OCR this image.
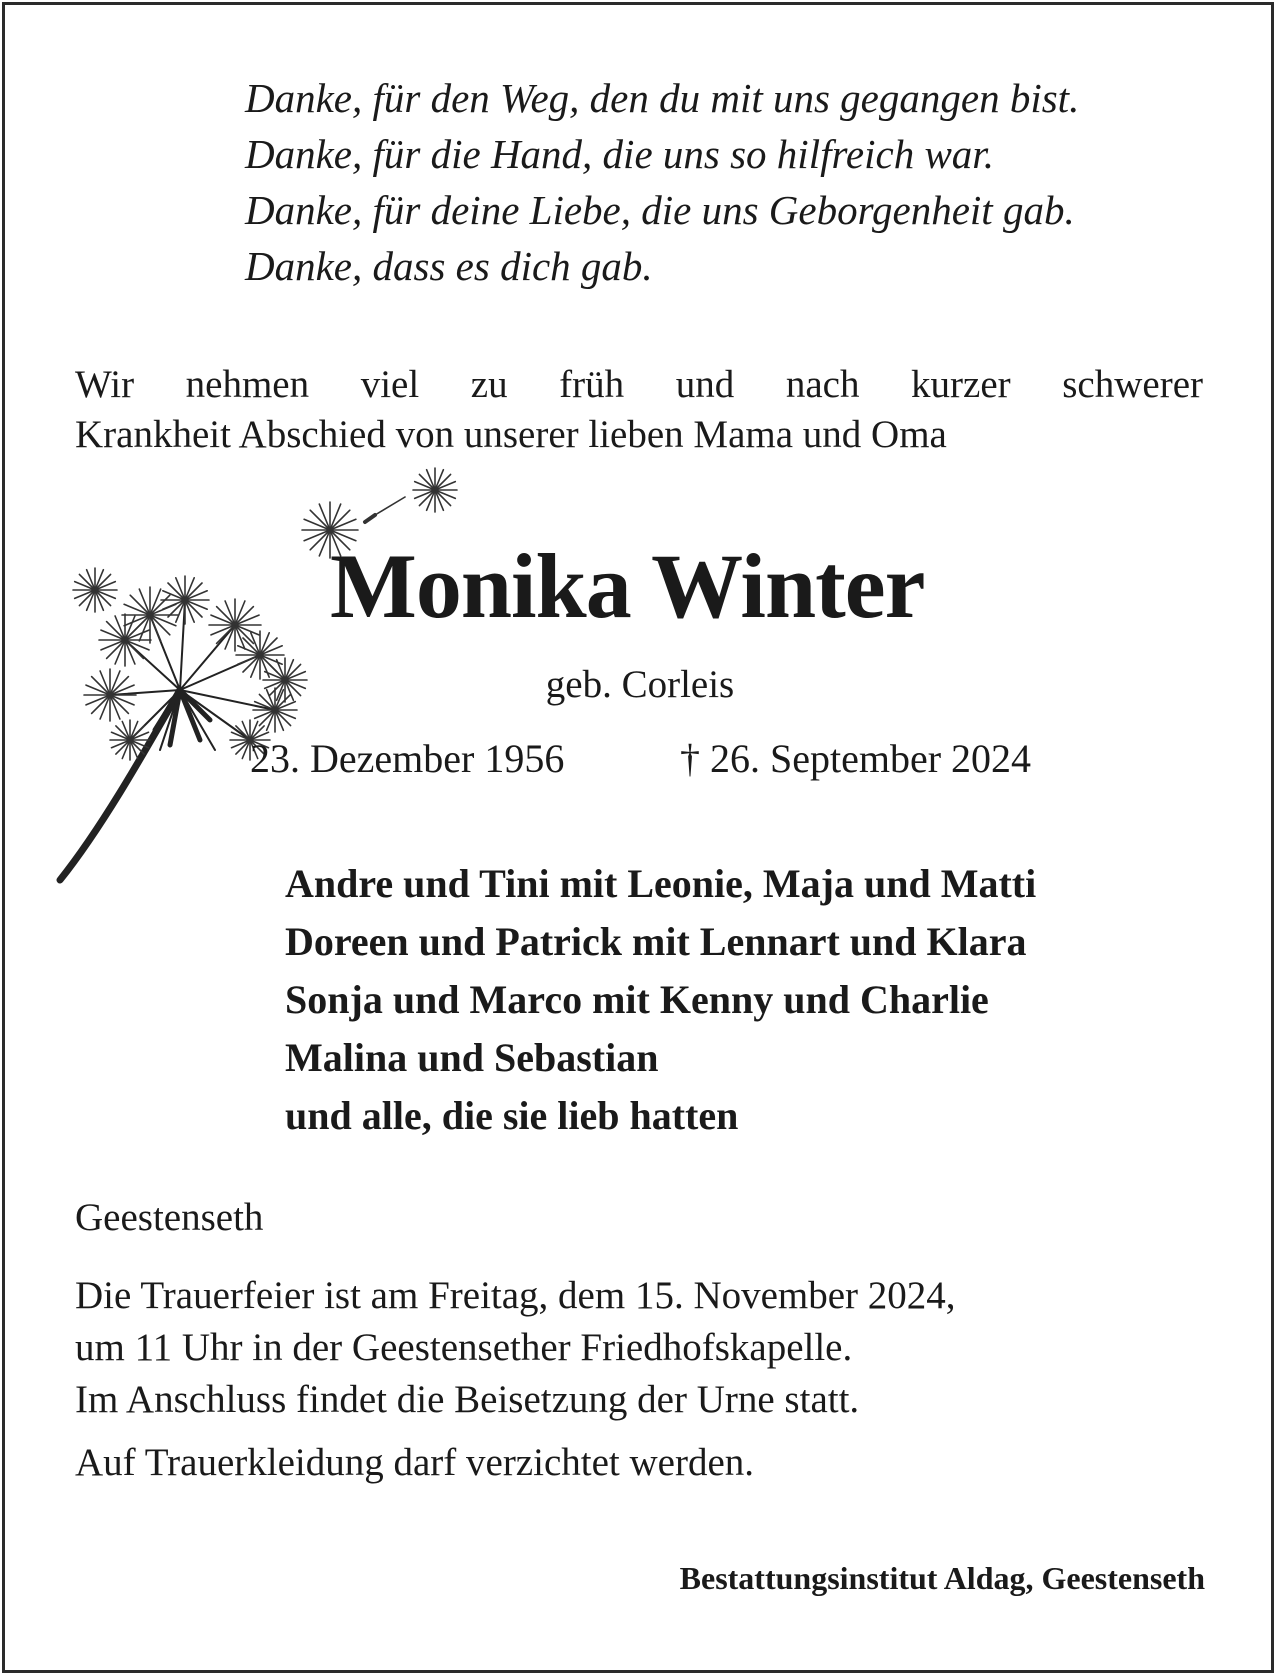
Danke, für den Weg, den du mit uns gegangen bist.

Danke, für die Hand, die uns so hilfreich war.

Danke, für deine Liebe, die uns Geborgenheit gab.

Danke, dass es dich gab.

Wir nehmen viel zu früh und nach kurzer schwerer

Krankheit Abschied von unserer lieben Mama und Oma

Monika Winter
geb. Corleis
23. Dezember 1956	† 26. September 2024

Andre und Tini mit Leonie, Maja und Matti

Doreen und Patrick mit Lennart und Klara

Sonja und Marco mit Kenny und Charlie

Malina und Sebastian

und alle, die sie lieb hatten

Geestenseth

Die Trauerfeier ist am Freitag, dem 15. November 2024,

um 11 Uhr in der Geestensether Friedhofskapelle.

Im Anschluss findet die Beisetzung der Urne statt.

Auf Trauerkleidung darf verzichtet werden.
Bestattungsinstitut Aldag, Geestenseth
